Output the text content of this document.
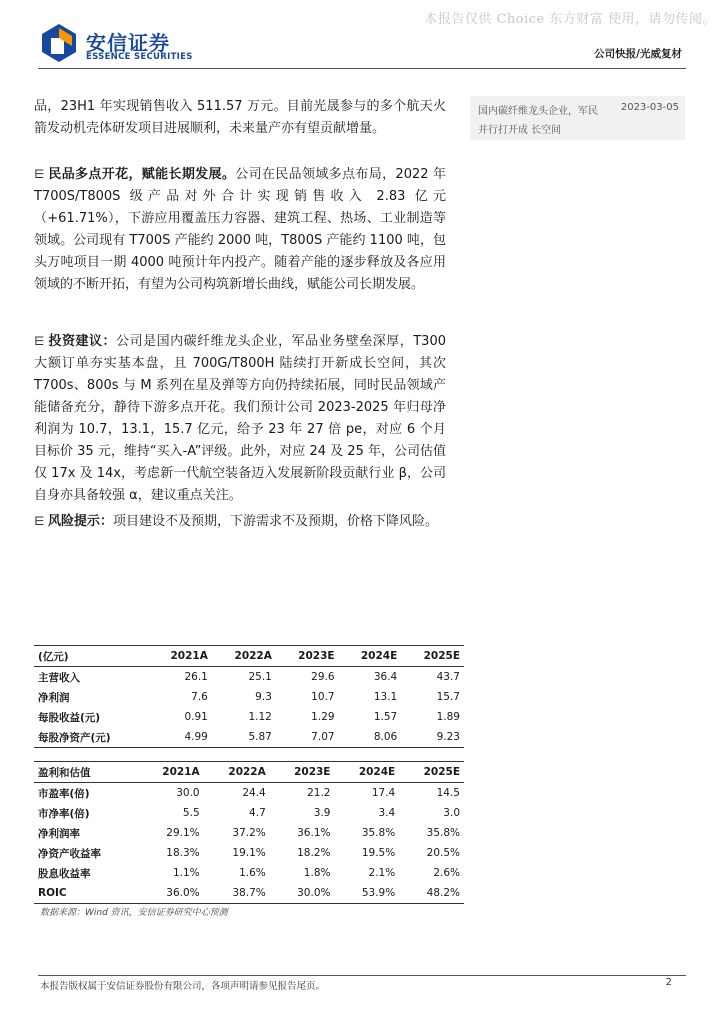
本报告仅供 Choice 东方财富 使用，请勿传阅。
安信证券
ESSENCE SECURITIES	公司快报/光威复材

品，23H1 年实现销售收入 511.57 万元。目前光晟参与的多个航天火箭发动机壳体研发项目进展顺利，未来量产亦有望贡献增量。

⋿ 民品多点开花，赋能长期发展。公司在民品领域多点布局，2022 年 T700S/T800S 级产品对外合计实现销售收入 2.83 亿元（+61.71%），下游应用覆盖压力容器、建筑工程、热场、工业制造等领域。公司现有 T700S 产能约 2000 吨，T800S 产能约 1100 吨，包头万吨项目一期 4000 吨预计年内投产。随着产能的逐步释放及各应用领域的不断开拓，有望为公司构筑新增长曲线，赋能公司长期发展。

⋿ 投资建议：公司是国内碳纤维龙头企业，军品业务壁垒深厚，T300 大额订单夯实基本盘，且 700G/T800H 陆续打开新成长空间，其次 T700s、800s 与 M 系列在星及弹等方向仍持续拓展，同时民品领域产能储备充分，静待下游多点开花。我们预计公司 2023-2025 年归母净利润为 10.7，13.1，15.7 亿元，给予 23 年 27 倍 pe，对应 6 个月目标价 35 元，维持“买入-A”评级。此外，对应 24 及 25 年，公司估值仅 17x 及 14x，考虑新一代航空装备迈入发展新阶段贡献行业 β，公司自身亦具备较强 α，建议重点关注。

⋿ 风险提示：项目建设不及预期，下游需求不及预期，价格下降风险。

国内碳纤维龙头企业，军民 2023-03-05
并行打开成 长空间
(亿元)	2021A	2022A	2023E	2024E	2025E
主营收入	26.1	25.1	29.6	36.4	43.7
净利润	7.6	9.3	10.7	13.1	15.7
每股收益(元)	0.91	1.12	1.29	1.57	1.89
每股净资产(元)	4.99	5.87	7.07	8.06	9.23
盈利和估值	2021A	2022A	2023E	2024E	2025E
市盈率(倍)	30.0	24.4	21.2	17.4	14.5
市净率(倍)	5.5	4.7	3.9	3.4	3.0
净利润率	29.1%	37.2%	36.1%	35.8%	35.8%
净资产收益率	18.3%	19.1%	18.2%	19.5%	20.5%
股息收益率	1.1%	1.6%	1.8%	2.1%	2.6%
ROIC	36.0%	38.7%	30.0%	53.9%	48.2%
数据来源：Wind 资讯，安信证券研究中心预测
本报告版权属于安信证券股份有限公司，各项声明请参见报告尾页。	2
